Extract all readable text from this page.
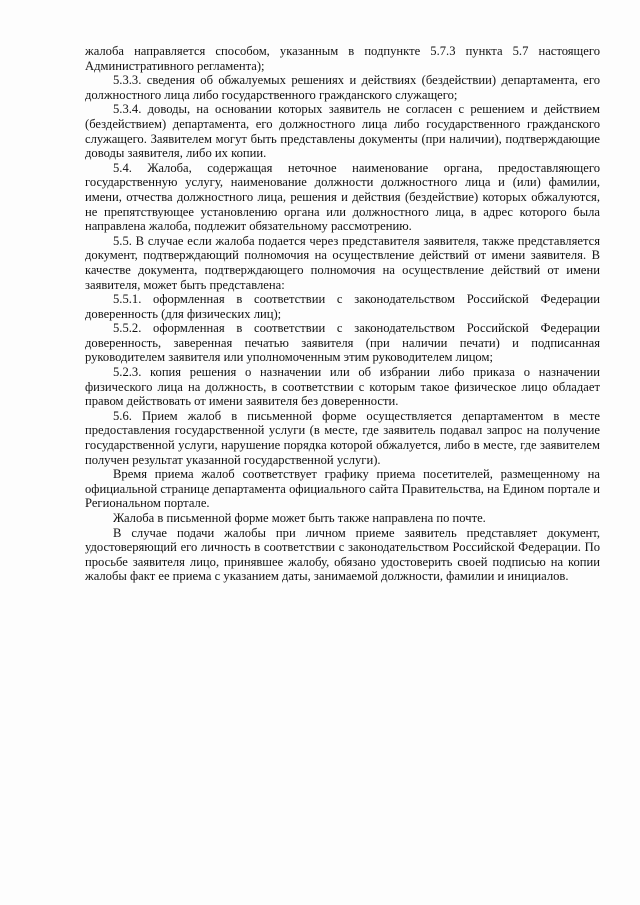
жалоба направляется способом, указанным в подпункте 5.7.3 пункта 5.7 настоящего Административного регламента);

5.3.3. сведения об обжалуемых решениях и действиях (бездействии) департамента, его должностного лица либо государственного гражданского служащего;

5.3.4. доводы, на основании которых заявитель не согласен с решением и действием (бездействием) департамента, его должностного лица либо государственного гражданского служащего. Заявителем могут быть представлены документы (при наличии), подтверждающие доводы заявителя, либо их копии.

5.4. Жалоба, содержащая неточное наименование органа, предоставляющего государственную услугу, наименование должности должностного лица и (или) фамилии, имени, отчества должностного лица, решения и действия (бездействие) которых обжалуются, не препятствующее установлению органа или должностного лица, в адрес которого была направлена жалоба, подлежит обязательному рассмотрению.

5.5. В случае если жалоба подается через представителя заявителя, также представляется документ, подтверждающий полномочия на осуществление действий от имени заявителя. В качестве документа, подтверждающего полномочия на осуществление действий от имени заявителя, может быть представлена:

5.5.1. оформленная в соответствии с законодательством Российской Федерации доверенность (для физических лиц);

5.5.2. оформленная в соответствии с законодательством Российской Федерации доверенность, заверенная печатью заявителя (при наличии печати) и подписанная руководителем заявителя или уполномоченным этим руководителем лицом;

5.2.3. копия решения о назначении или об избрании либо приказа о назначении физического лица на должность, в соответствии с которым такое физическое лицо обладает правом действовать от имени заявителя без доверенности.

5.6. Прием жалоб в письменной форме осуществляется департаментом в месте предоставления государственной услуги (в месте, где заявитель подавал запрос на получение государственной услуги, нарушение порядка которой обжалуется, либо в месте, где заявителем получен результат указанной государственной услуги).

Время приема жалоб соответствует графику приема посетителей, размещенному на официальной странице департамента официального сайта Правительства, на Едином портале и Региональном портале.

Жалоба в письменной форме может быть также направлена по почте.

В случае подачи жалобы при личном приеме заявитель представляет документ, удостоверяющий его личность в соответствии с законодательством Российской Федерации. По просьбе заявителя лицо, принявшее жалобу, обязано удостоверить своей подписью на копии жалобы факт ее приема с указанием даты, занимаемой должности, фамилии и инициалов.
